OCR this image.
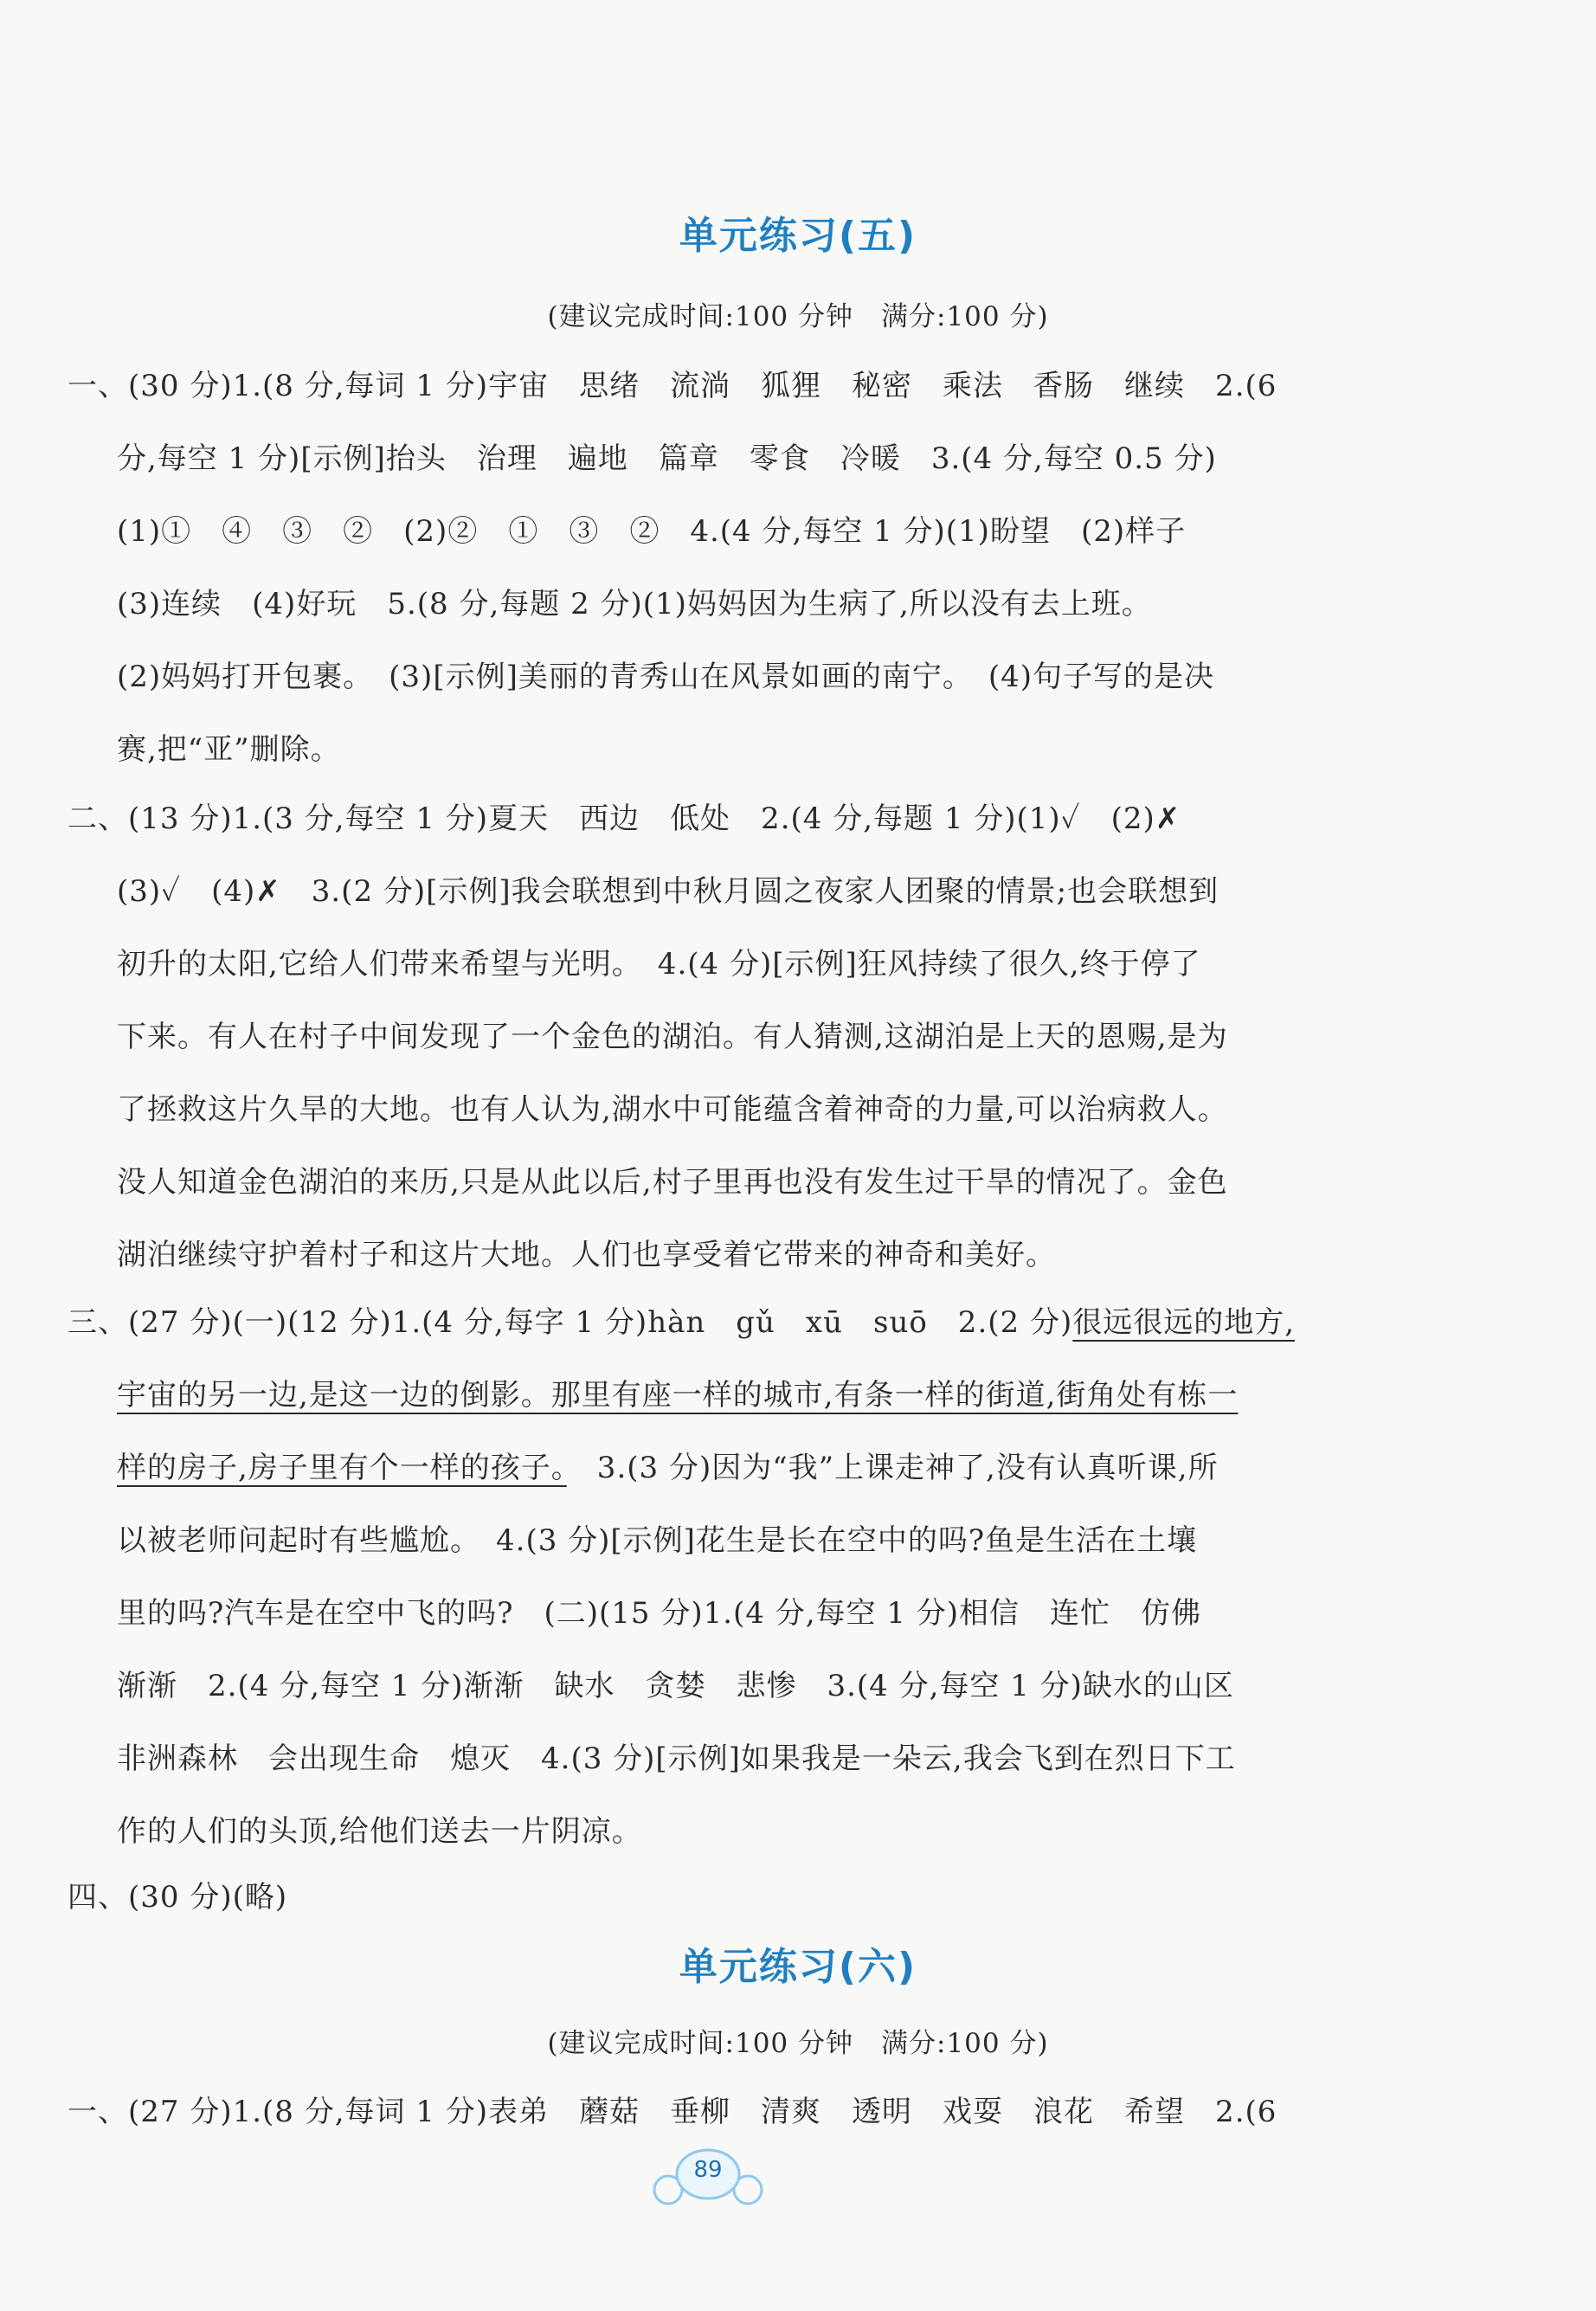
单元练习(五)
(建议完成时间:100 分钟　满分:100 分)
一、(30 分)1.(8 分,每词 1 分)宇宙　思绪　流淌　狐狸　秘密　乘法　香肠　继续　2.(6
分,每空 1 分)[示例]抬头　治理　遍地　篇章　零食　冷暖　3.(4 分,每空 0.5 分)
(1)①　④　③　②　(2)②　①　③　②　4.(4 分,每空 1 分)(1)盼望　(2)样子
(3)连续　(4)好玩　5.(8 分,每题 2 分)(1)妈妈因为生病了,所以没有去上班。
(2)妈妈打开包裹。　(3)[示例]美丽的青秀山在风景如画的南宁。　(4)句子写的是决
赛,把“亚”删除。
二、(13 分)1.(3 分,每空 1 分)夏天　西边　低处　2.(4 分,每题 1 分)(1)✓　(2)✗
(3)✓　(4)✗　3.(2 分)[示例]我会联想到中秋月圆之夜家人团聚的情景;也会联想到
初升的太阳,它给人们带来希望与光明。　4.(4 分)[示例]狂风持续了很久,终于停了
下来。有人在村子中间发现了一个金色的湖泊。有人猜测,这湖泊是上天的恩赐,是为
了拯救这片久旱的大地。也有人认为,湖水中可能蕴含着神奇的力量,可以治病救人。
没人知道金色湖泊的来历,只是从此以后,村子里再也没有发生过干旱的情况了。金色
湖泊继续守护着村子和这片大地。人们也享受着它带来的神奇和美好。
三、(27 分)(一)(12 分)1.(4 分,每字 1 分)hàn　gǔ　xū　suō　2.(2 分)很远很远的地方,
宇宙的另一边,是这一边的倒影。那里有座一样的城市,有条一样的街道,街角处有栋一
样的房子,房子里有个一样的孩子。　3.(3 分)因为“我”上课走神了,没有认真听课,所
以被老师问起时有些尴尬。　4.(3 分)[示例]花生是长在空中的吗?鱼是生活在土壤
里的吗?汽车是在空中飞的吗?　(二)(15 分)1.(4 分,每空 1 分)相信　连忙　仿佛
渐渐　2.(4 分,每空 1 分)渐渐　缺水　贪婪　悲惨　3.(4 分,每空 1 分)缺水的山区
非洲森林　会出现生命　熄灭　4.(3 分)[示例]如果我是一朵云,我会飞到在烈日下工
作的人们的头顶,给他们送去一片阴凉。
四、(30 分)(略)
单元练习(六)
(建议完成时间:100 分钟　满分:100 分)
一、(27 分)1.(8 分,每词 1 分)表弟　蘑菇　垂柳　清爽　透明　戏耍　浪花　希望　2.(6
89
